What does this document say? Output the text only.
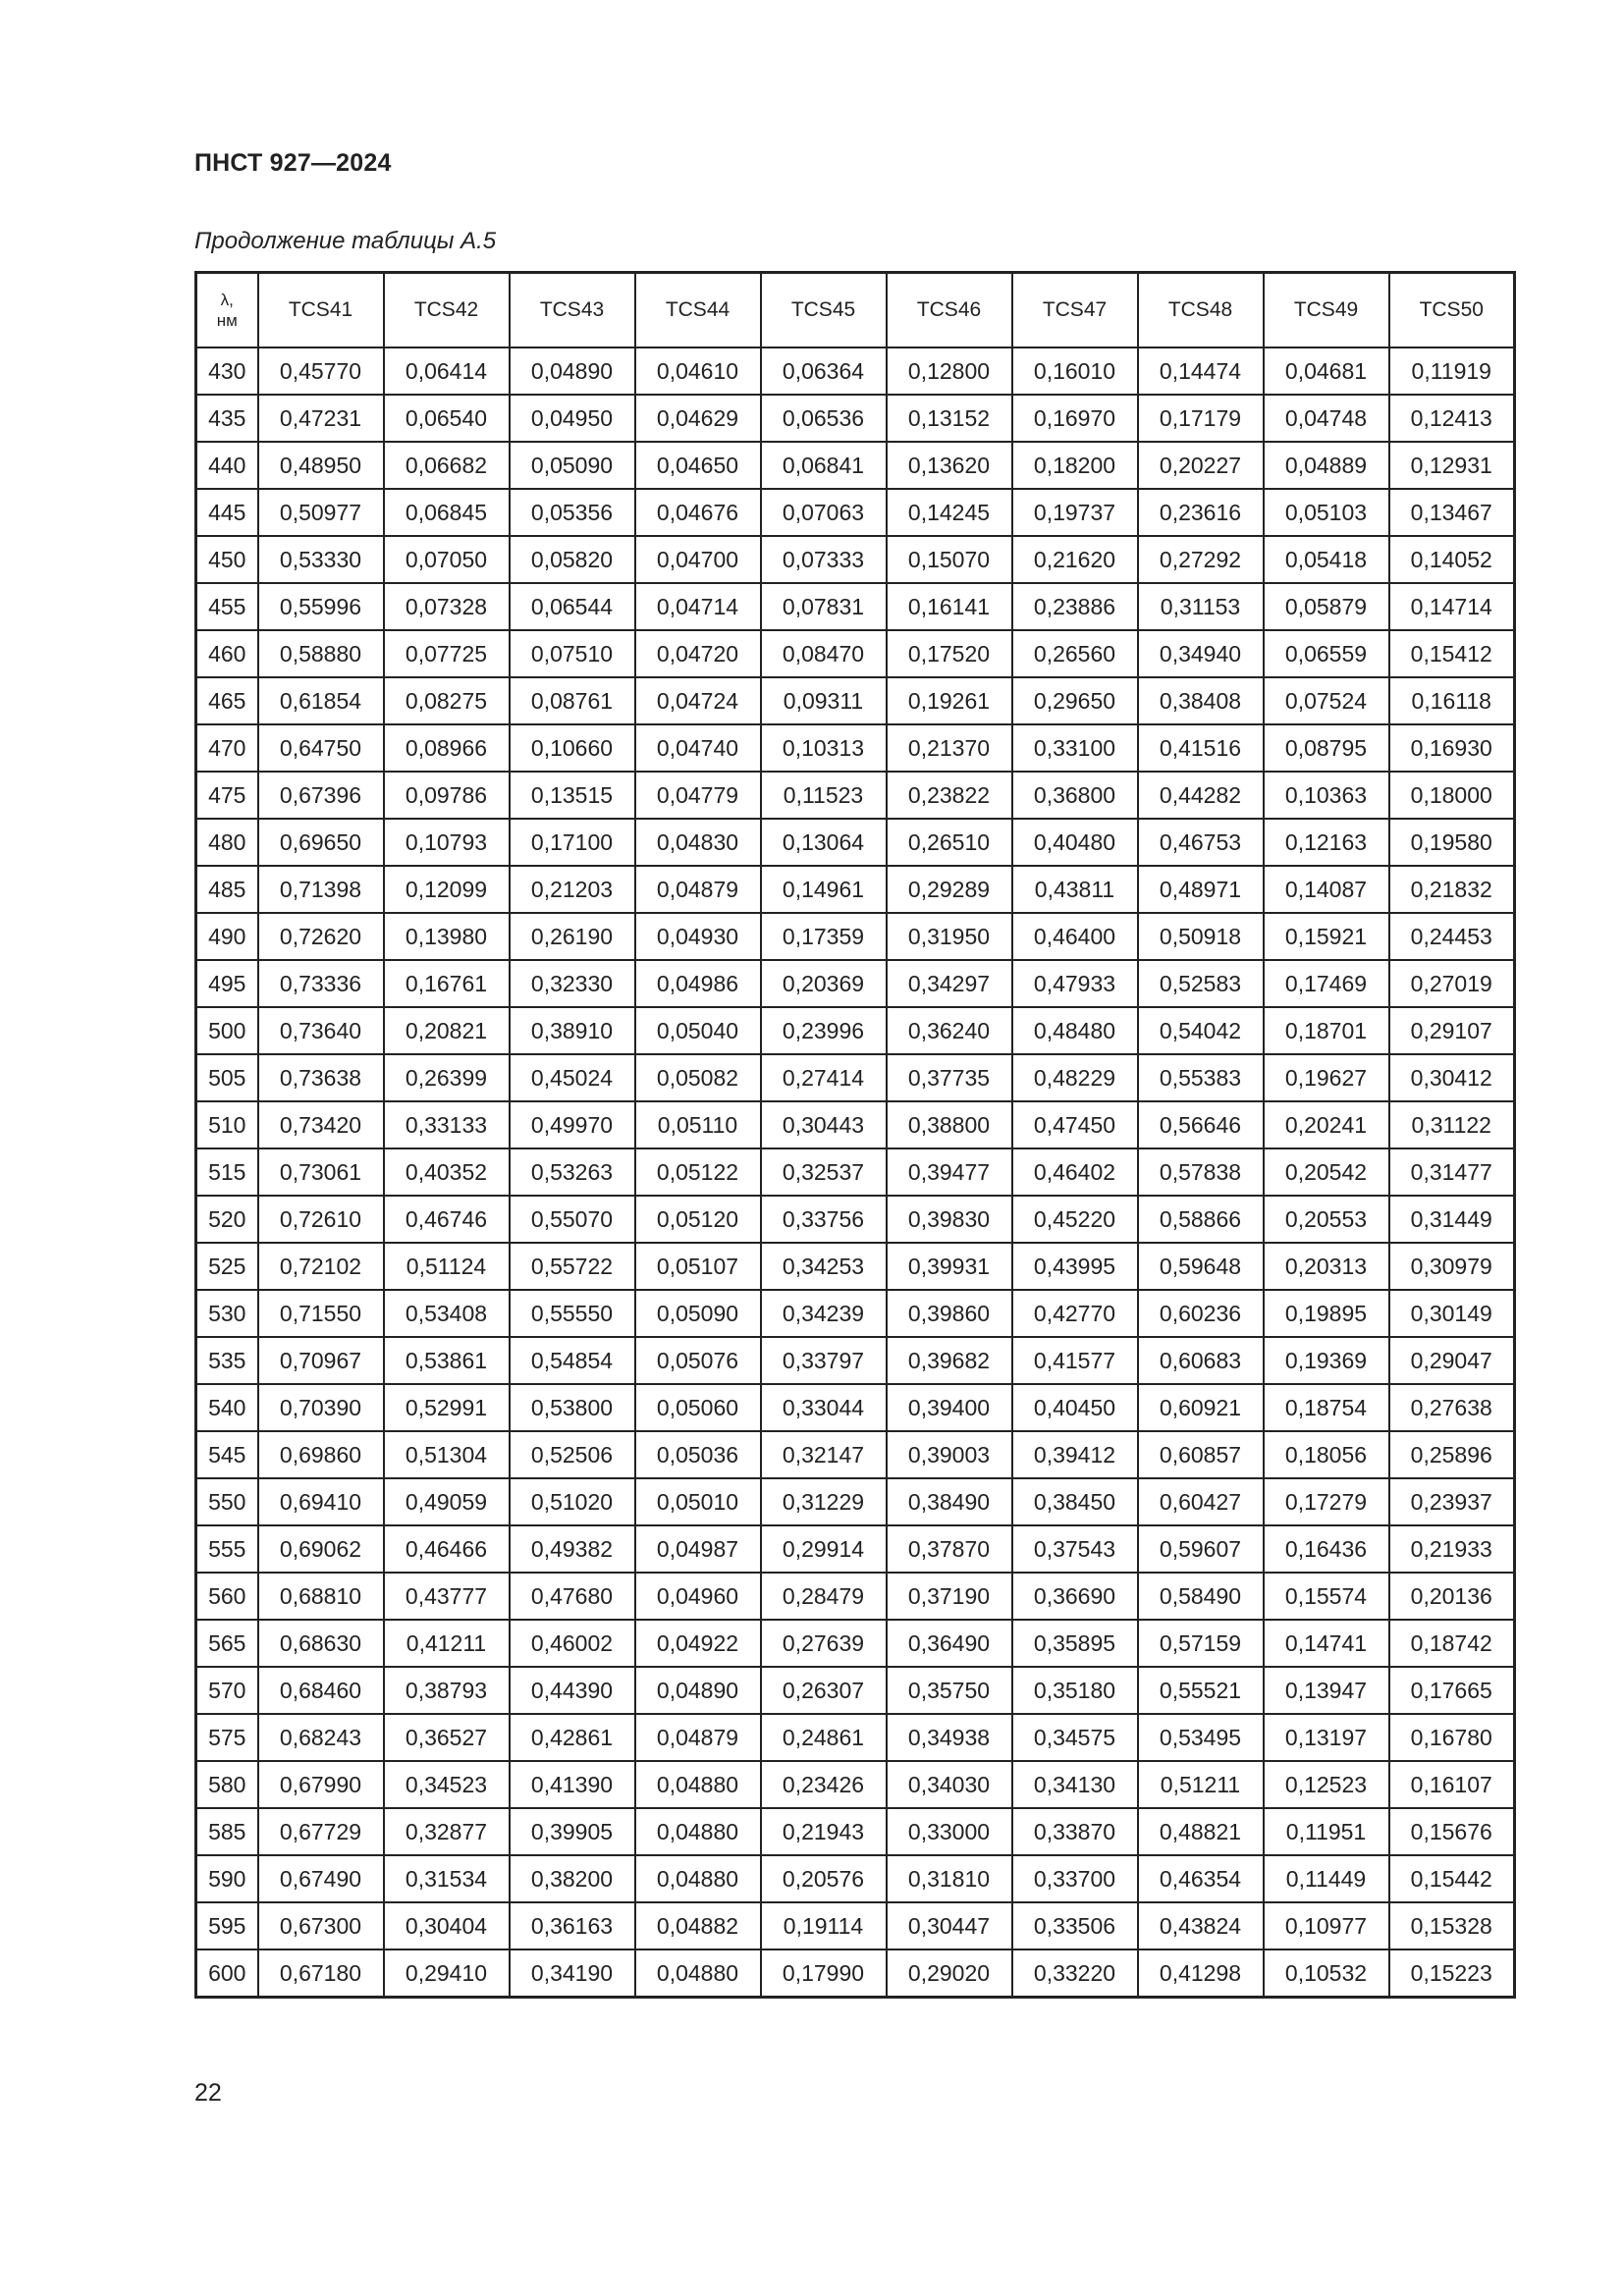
ПНСТ 927—2024
Продолжение таблицы А.5
λ,
нм	TCS41	TCS42	TCS43	TCS44	TCS45	TCS46	TCS47	TCS48	TCS49	TCS50
430	0,45770	0,06414	0,04890	0,04610	0,06364	0,12800	0,16010	0,14474	0,04681	0,11919
435	0,47231	0,06540	0,04950	0,04629	0,06536	0,13152	0,16970	0,17179	0,04748	0,12413
440	0,48950	0,06682	0,05090	0,04650	0,06841	0,13620	0,18200	0,20227	0,04889	0,12931
445	0,50977	0,06845	0,05356	0,04676	0,07063	0,14245	0,19737	0,23616	0,05103	0,13467
450	0,53330	0,07050	0,05820	0,04700	0,07333	0,15070	0,21620	0,27292	0,05418	0,14052
455	0,55996	0,07328	0,06544	0,04714	0,07831	0,16141	0,23886	0,31153	0,05879	0,14714
460	0,58880	0,07725	0,07510	0,04720	0,08470	0,17520	0,26560	0,34940	0,06559	0,15412
465	0,61854	0,08275	0,08761	0,04724	0,09311	0,19261	0,29650	0,38408	0,07524	0,16118
470	0,64750	0,08966	0,10660	0,04740	0,10313	0,21370	0,33100	0,41516	0,08795	0,16930
475	0,67396	0,09786	0,13515	0,04779	0,11523	0,23822	0,36800	0,44282	0,10363	0,18000
480	0,69650	0,10793	0,17100	0,04830	0,13064	0,26510	0,40480	0,46753	0,12163	0,19580
485	0,71398	0,12099	0,21203	0,04879	0,14961	0,29289	0,43811	0,48971	0,14087	0,21832
490	0,72620	0,13980	0,26190	0,04930	0,17359	0,31950	0,46400	0,50918	0,15921	0,24453
495	0,73336	0,16761	0,32330	0,04986	0,20369	0,34297	0,47933	0,52583	0,17469	0,27019
500	0,73640	0,20821	0,38910	0,05040	0,23996	0,36240	0,48480	0,54042	0,18701	0,29107
505	0,73638	0,26399	0,45024	0,05082	0,27414	0,37735	0,48229	0,55383	0,19627	0,30412
510	0,73420	0,33133	0,49970	0,05110	0,30443	0,38800	0,47450	0,56646	0,20241	0,31122
515	0,73061	0,40352	0,53263	0,05122	0,32537	0,39477	0,46402	0,57838	0,20542	0,31477
520	0,72610	0,46746	0,55070	0,05120	0,33756	0,39830	0,45220	0,58866	0,20553	0,31449
525	0,72102	0,51124	0,55722	0,05107	0,34253	0,39931	0,43995	0,59648	0,20313	0,30979
530	0,71550	0,53408	0,55550	0,05090	0,34239	0,39860	0,42770	0,60236	0,19895	0,30149
535	0,70967	0,53861	0,54854	0,05076	0,33797	0,39682	0,41577	0,60683	0,19369	0,29047
540	0,70390	0,52991	0,53800	0,05060	0,33044	0,39400	0,40450	0,60921	0,18754	0,27638
545	0,69860	0,51304	0,52506	0,05036	0,32147	0,39003	0,39412	0,60857	0,18056	0,25896
550	0,69410	0,49059	0,51020	0,05010	0,31229	0,38490	0,38450	0,60427	0,17279	0,23937
555	0,69062	0,46466	0,49382	0,04987	0,29914	0,37870	0,37543	0,59607	0,16436	0,21933
560	0,68810	0,43777	0,47680	0,04960	0,28479	0,37190	0,36690	0,58490	0,15574	0,20136
565	0,68630	0,41211	0,46002	0,04922	0,27639	0,36490	0,35895	0,57159	0,14741	0,18742
570	0,68460	0,38793	0,44390	0,04890	0,26307	0,35750	0,35180	0,55521	0,13947	0,17665
575	0,68243	0,36527	0,42861	0,04879	0,24861	0,34938	0,34575	0,53495	0,13197	0,16780
580	0,67990	0,34523	0,41390	0,04880	0,23426	0,34030	0,34130	0,51211	0,12523	0,16107
585	0,67729	0,32877	0,39905	0,04880	0,21943	0,33000	0,33870	0,48821	0,11951	0,15676
590	0,67490	0,31534	0,38200	0,04880	0,20576	0,31810	0,33700	0,46354	0,11449	0,15442
595	0,67300	0,30404	0,36163	0,04882	0,19114	0,30447	0,33506	0,43824	0,10977	0,15328
600	0,67180	0,29410	0,34190	0,04880	0,17990	0,29020	0,33220	0,41298	0,10532	0,15223
22
